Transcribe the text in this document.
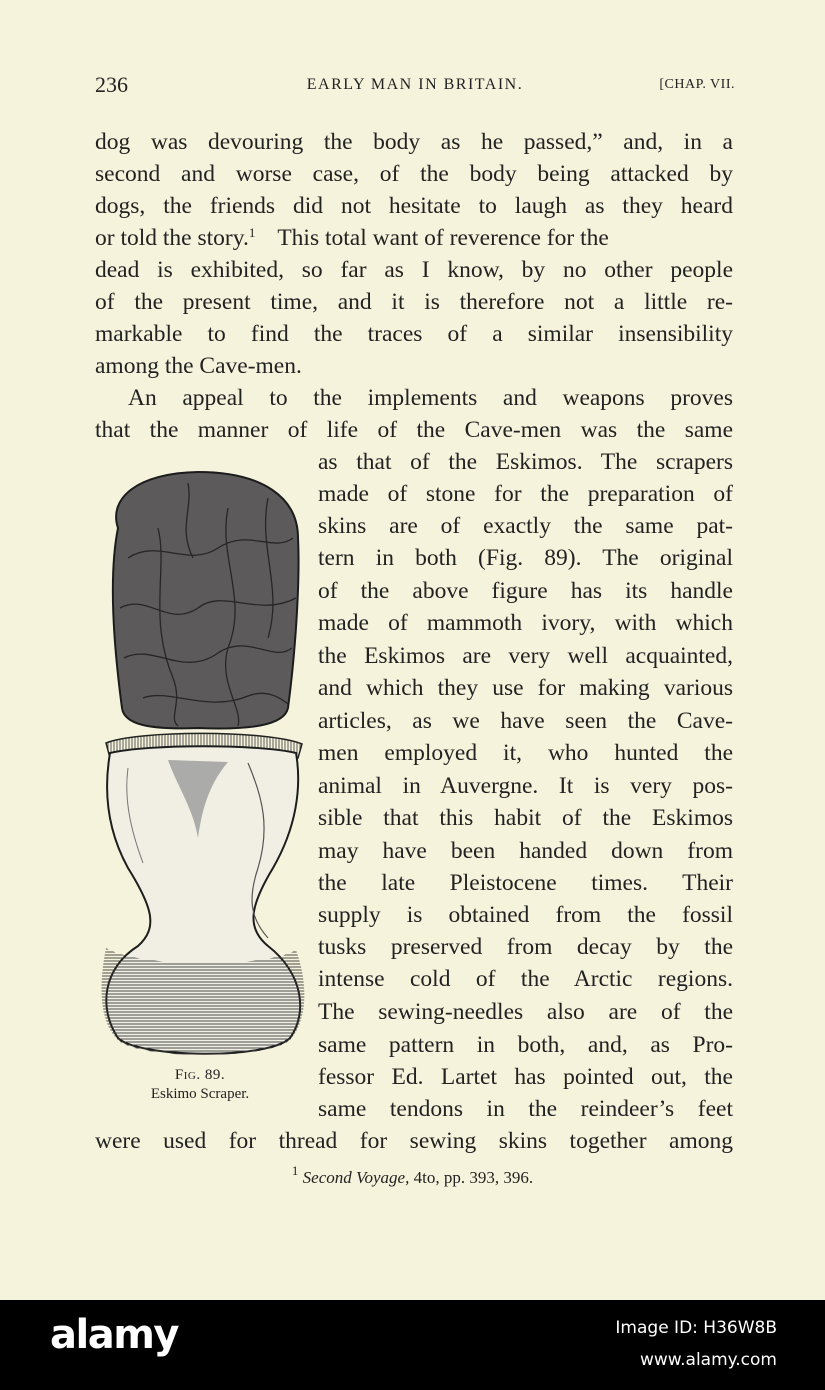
236	EARLY MAN IN BRITAIN.	[CHAP. VII.
dog was devouring the body as he passed,” and, in a
second and worse case, of the body being attacked by
dogs, the friends did not hesitate to laugh as they heard
or told the story.$^1$ This total want of reverence for the
dead is exhibited, so far as I know, by no other people
of the present time, and it is therefore not a little re-
markable to find the traces of a similar insensibility
among the Cave-men.
An appeal to the implements and weapons proves
that the manner of life of the Cave-men was the same
as that of the Eskimos. The scrapers
made of stone for the preparation of
skins are of exactly the same pat-
tern in both (Fig. 89). The original
of the above figure has its handle
made of mammoth ivory, with which
the Eskimos are very well acquainted,
and which they use for making various
articles, as we have seen the Cave-
men employed it, who hunted the
animal in Auvergne. It is very pos-
sible that this habit of the Eskimos
may have been handed down from
the late Pleistocene times. Their
supply is obtained from the fossil
tusks preserved from decay by the
intense cold of the Arctic regions.
The sewing-needles also are of the
same pattern in both, and, as Pro-
fessor Ed. Lartet has pointed out, the
same tendons in the reindeer’s feet
were used for thread for sewing skins together among
Fig. 89.
Eskimo Scraper.
$^1$ Second Voyage, 4to, pp. 393, 396.
alamy	Image ID: H36W8B
www.alamy.com
